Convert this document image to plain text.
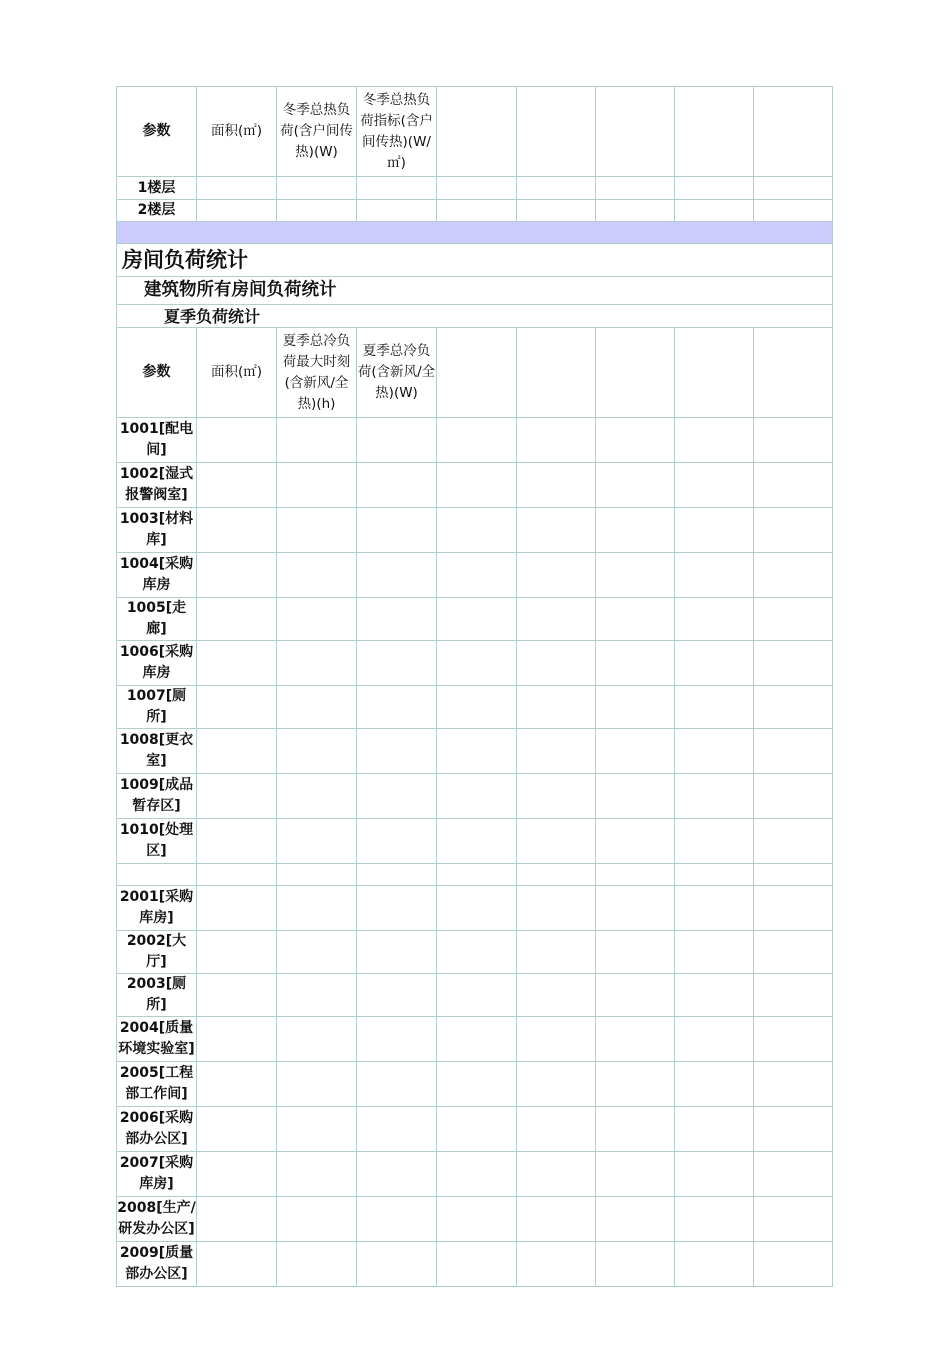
参数	面积(㎡)	冬季总热负荷(含户间传热)(W)	冬季总热负荷指标(含户间传热)(W/㎡)					
1楼层								
2楼层								

房间负荷统计								
建筑物所有房间负荷统计								
夏季负荷统计								
参数	面积(㎡)	夏季总冷负荷最大时刻(含新风/全热)(h)	夏季总冷负荷(含新风/全热)(W)					
1001[配电间]								
1002[湿式报警阀室]								
1003[材料库]								
1004[采购库房								
1005[走廊]								
1006[采购库房								
1007[厕所]								
1008[更衣室]								
1009[成品暂存区]								
1010[处理区]								

2001[采购库房]								
2002[大厅]								
2003[厕所]								
2004[质量环境实验室]								
2005[工程部工作间]								
2006[采购部办公区]								
2007[采购库房]								
2008[生产/研发办公区]								
2009[质量部办公区]								
